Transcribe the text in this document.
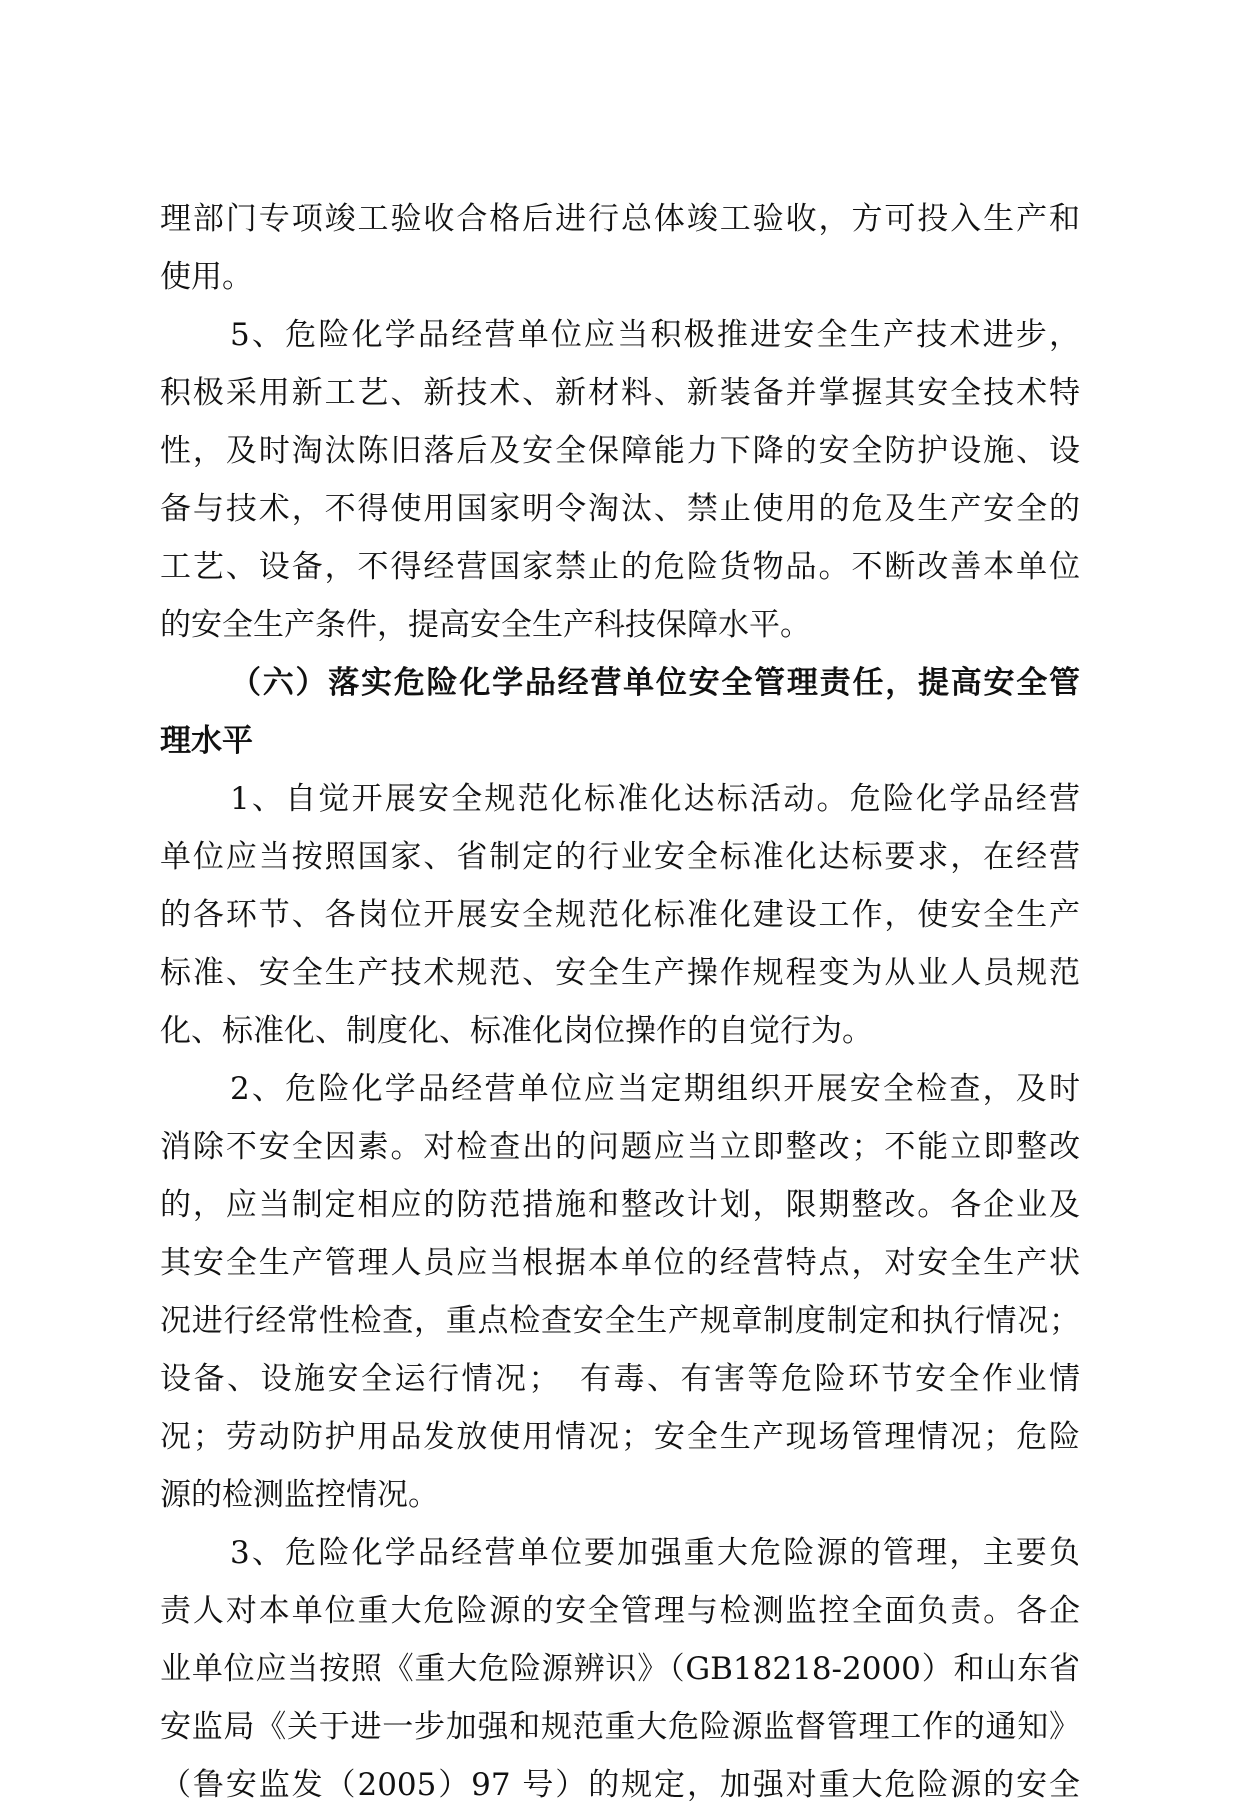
理部门专项竣工验收合格后进行总体竣工验收，方可投入生产和
使用。
5、危险化学品经营单位应当积极推进安全生产技术进步，
积极采用新工艺、新技术、新材料、新装备并掌握其安全技术特
性，及时淘汰陈旧落后及安全保障能力下降的安全防护设施、设
备与技术，不得使用国家明令淘汰、禁止使用的危及生产安全的
工艺、设备，不得经营国家禁止的危险货物品。不断改善本单位
的安全生产条件，提高安全生产科技保障水平。
（六）落实危险化学品经营单位安全管理责任，提高安全管
理水平
1、自觉开展安全规范化标准化达标活动。危险化学品经营
单位应当按照国家、省制定的行业安全标准化达标要求，在经营
的各环节、各岗位开展安全规范化标准化建设工作，使安全生产
标准、安全生产技术规范、安全生产操作规程变为从业人员规范
化、标准化、制度化、标准化岗位操作的自觉行为。
2、危险化学品经营单位应当定期组织开展安全检查，及时
消除不安全因素。对检查出的问题应当立即整改；不能立即整改
的，应当制定相应的防范措施和整改计划，限期整改。各企业及
其安全生产管理人员应当根据本单位的经营特点，对安全生产状
况进行经常性检查，重点检查安全生产规章制度制定和执行情况；
设备、设施安全运行情况；　有毒、有害等危险环节安全作业情
况；劳动防护用品发放使用情况；安全生产现场管理情况；危险
源的检测监控情况。
3、危险化学品经营单位要加强重大危险源的管理，主要负
责人对本单位重大危险源的安全管理与检测监控全面负责。各企
业单位应当按照《重大危险源辨识》（GB18218-2000）和山东省
安监局《关于进一步加强和规范重大危险源监督管理工作的通知》
（鲁安监发（2005）97 号）的规定，加强对重大危险源的安全
